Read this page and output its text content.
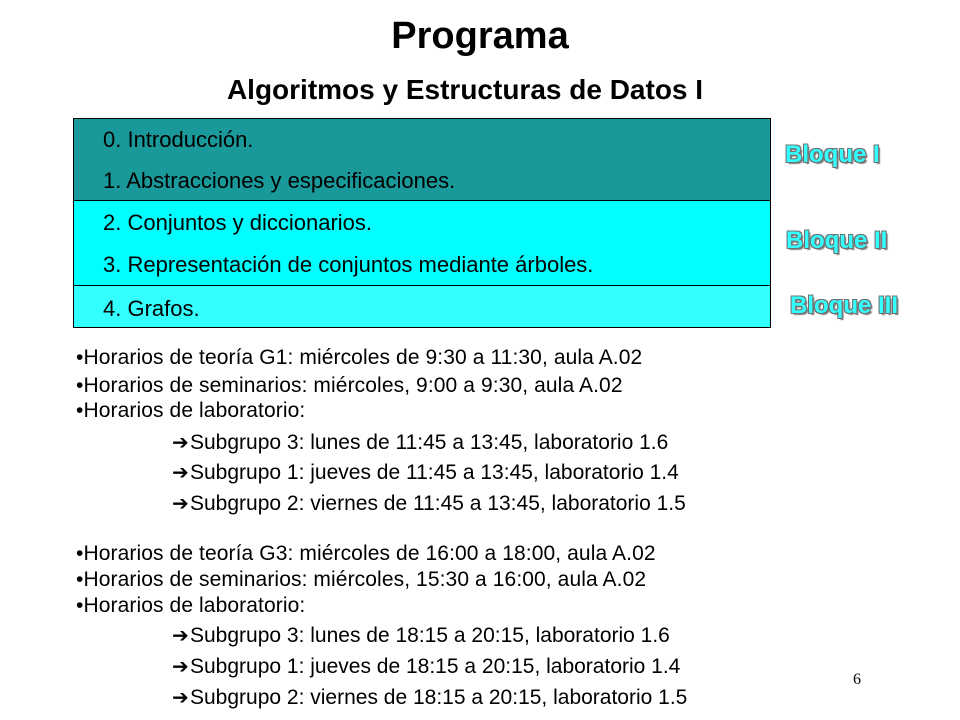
Programa
Algoritmos y Estructuras de Datos I
0. Introducción.
1. Abstracciones y especificaciones.
2. Conjuntos y diccionarios.
3. Representación de conjuntos mediante árboles.
4. Grafos.
Bloque I
Bloque II
Bloque III
•Horarios de teoría G1: miércoles de 9:30 a 11:30, aula A.02
•Horarios de seminarios: miércoles, 9:00 a 9:30, aula A.02
•Horarios de laboratorio:
➔Subgrupo 3: lunes de 11:45 a 13:45, laboratorio 1.6
➔Subgrupo 1: jueves de 11:45 a 13:45, laboratorio 1.4
➔Subgrupo 2: viernes de 11:45 a 13:45, laboratorio 1.5
•Horarios de teoría G3: miércoles de 16:00 a 18:00, aula A.02
•Horarios de seminarios: miércoles, 15:30 a 16:00, aula A.02
•Horarios de laboratorio:
➔Subgrupo 3: lunes de 18:15 a 20:15, laboratorio 1.6
➔Subgrupo 1: jueves de 18:15 a 20:15, laboratorio 1.4
➔Subgrupo 2: viernes de 18:15 a 20:15, laboratorio 1.5
6
